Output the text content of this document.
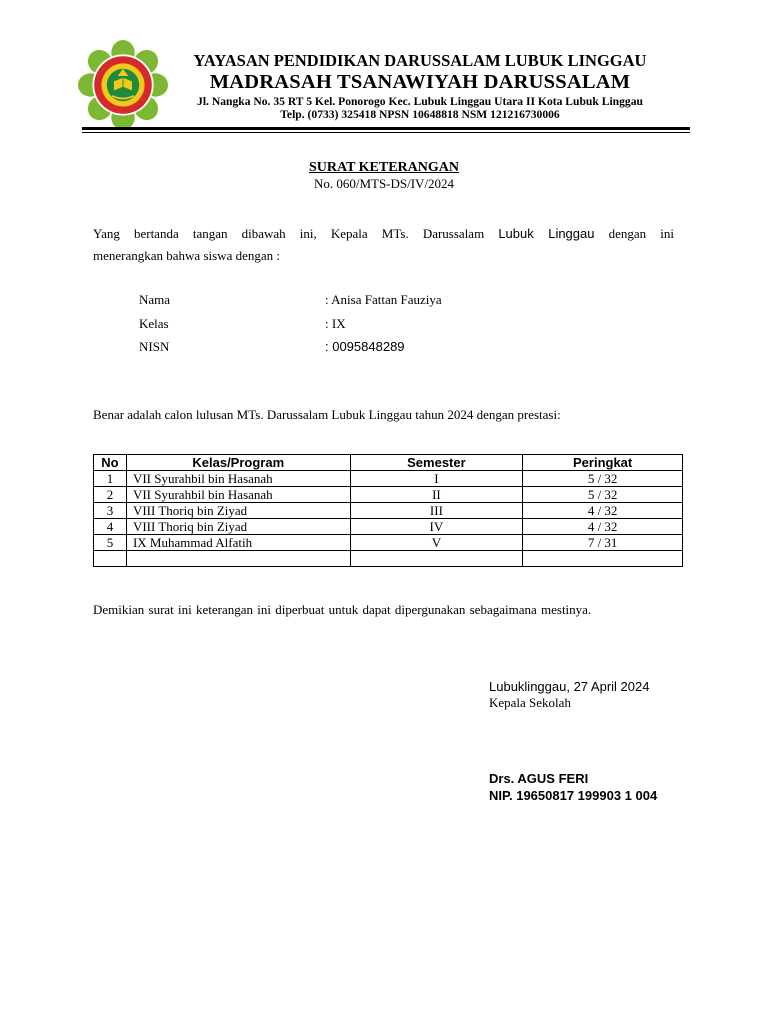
YAYASAN PENDIDIKAN DARUSSALAM LUBUK LINGGAU
MADRASAH TSANAWIYAH DARUSSALAM
Jl. Nangka No. 35 RT 5 Kel. Ponorogo Kec. Lubuk Linggau Utara II Kota Lubuk Linggau
Telp. (0733) 325418 NPSN 10648818 NSM 121216730006
SURAT KETERANGAN
No. 060/MTS-DS/IV/2024
Yang bertanda tangan dibawah ini, Kepala MTs. Darussalam Lubuk Linggau dengan ini
menerangkan bahwa siswa dengan :
Nama	: Anisa Fattan Fauziya
Kelas	: IX
NISN	: 0095848289
Benar adalah calon lulusan MTs. Darussalam Lubuk Linggau tahun 2024 dengan prestasi:
No	Kelas/Program	Semester	Peringkat
1	VII Syurahbil bin Hasanah	I	5 / 32
2	VII Syurahbil bin Hasanah	II	5 / 32
3	VIII Thoriq bin Ziyad	III	4 / 32
4	VIII Thoriq bin Ziyad	IV	4 / 32
5	IX Muhammad Alfatih	V	7 / 31

Demikian surat ini keterangan ini diperbuat untuk dapat dipergunakan sebagaimana mestinya.
Lubuklinggau, 27 April 2024
Kepala Sekolah
Drs. AGUS FERI
NIP. 19650817 199903 1 004
